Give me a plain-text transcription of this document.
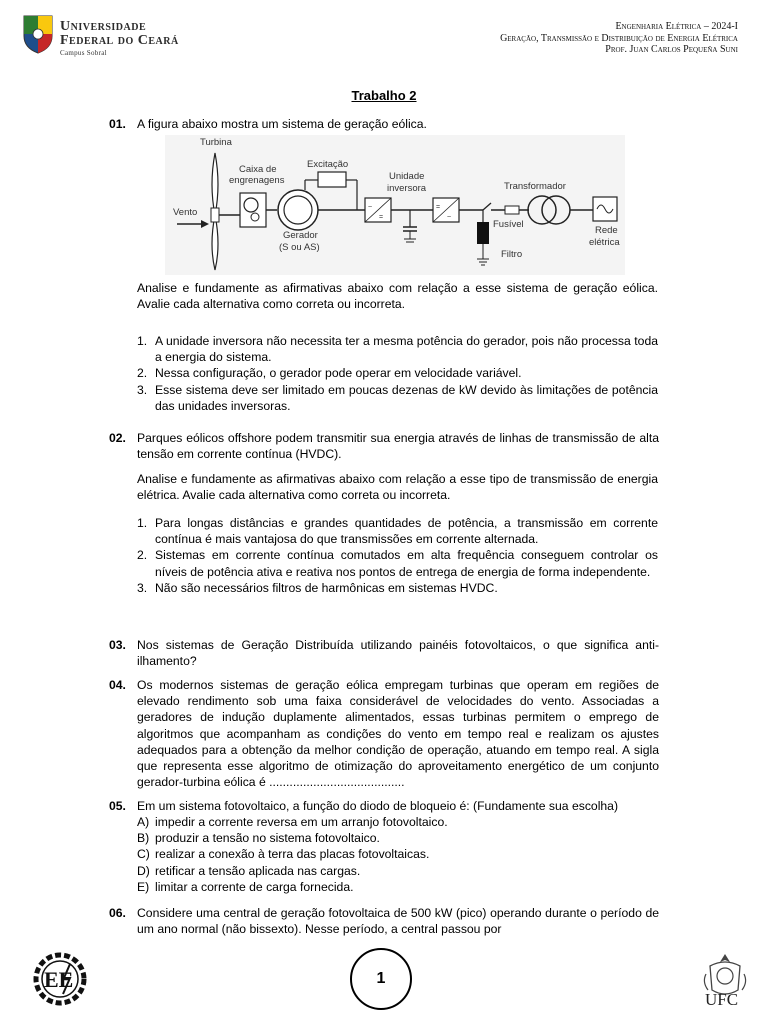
Universidade
Federal do Ceará
Campus Sobral
Engenharia Elétrica – 2024-I
Geração, Transmissão e Distribuição de Energia Elétrica
Prof. Juan Carlos Pequeña Suni
Trabalho 2
01. A figura abaixo mostra um sistema de geração eólica.
Turbina
Vento
Caixa de
engrenagens
Gerador
(S ou AS)
Excitação
~
=
=
~
Unidade
inversora
Filtro
Fusível
Transformador
Rede
elétrica
Analise e fundamente as afirmativas abaixo com relação a esse sistema de geração eólica. Avalie cada alternativa como correta ou incorreta.
1. A unidade inversora não necessita ter a mesma potência do gerador, pois não processa toda a energia do sistema.
2. Nessa configuração, o gerador pode operar em velocidade variável.
3. Esse sistema deve ser limitado em poucas dezenas de kW devido às limitações de potência das unidades inversoras.
02. Parques eólicos offshore podem transmitir sua energia através de linhas de transmissão de alta tensão em corrente contínua (HVDC).
Analise e fundamente as afirmativas abaixo com relação a esse tipo de transmissão de energia elétrica. Avalie cada alternativa como correta ou incorreta.
1. Para longas distâncias e grandes quantidades de potência, a transmissão em corrente contínua é mais vantajosa do que transmissões em corrente alternada.
2. Sistemas em corrente contínua comutados em alta frequência conseguem controlar os níveis de potência ativa e reativa nos pontos de entrega de energia de forma independente.
3. Não são necessários filtros de harmônicas em sistemas HVDC.
03. Nos sistemas de Geração Distribuída utilizando painéis fotovoltaicos, o que significa anti-ilhamento?
04. Os modernos sistemas de geração eólica empregam turbinas que operam em regiões de elevado rendimento sob uma faixa considerável de velocidades do vento. Associadas a geradores de indução duplamente alimentados, essas turbinas permitem o emprego de algoritmos que acompanham as condições do vento em tempo real e realizam os ajustes adequados para a obtenção da melhor condição de operação, atuando em tempo real. A sigla que representa esse algoritmo de otimização do aproveitamento energético de um conjunto gerador-turbina eólica é ........................................
05. Em um sistema fotovoltaico, a função do diodo de bloqueio é: (Fundamente sua escolha)
A) impedir a corrente reversa em um arranjo fotovoltaico.
B) produzir a tensão no sistema fotovoltaico.
C) realizar a conexão à terra das placas fotovoltaicas.
D) retificar a tensão aplicada nas cargas.
E) limitar a corrente de carga fornecida.
06. Considere uma central de geração fotovoltaica de 500 kW (pico) operando durante o período de um ano normal (não bissexto). Nesse período, a central passou por
EE	1
UFC
